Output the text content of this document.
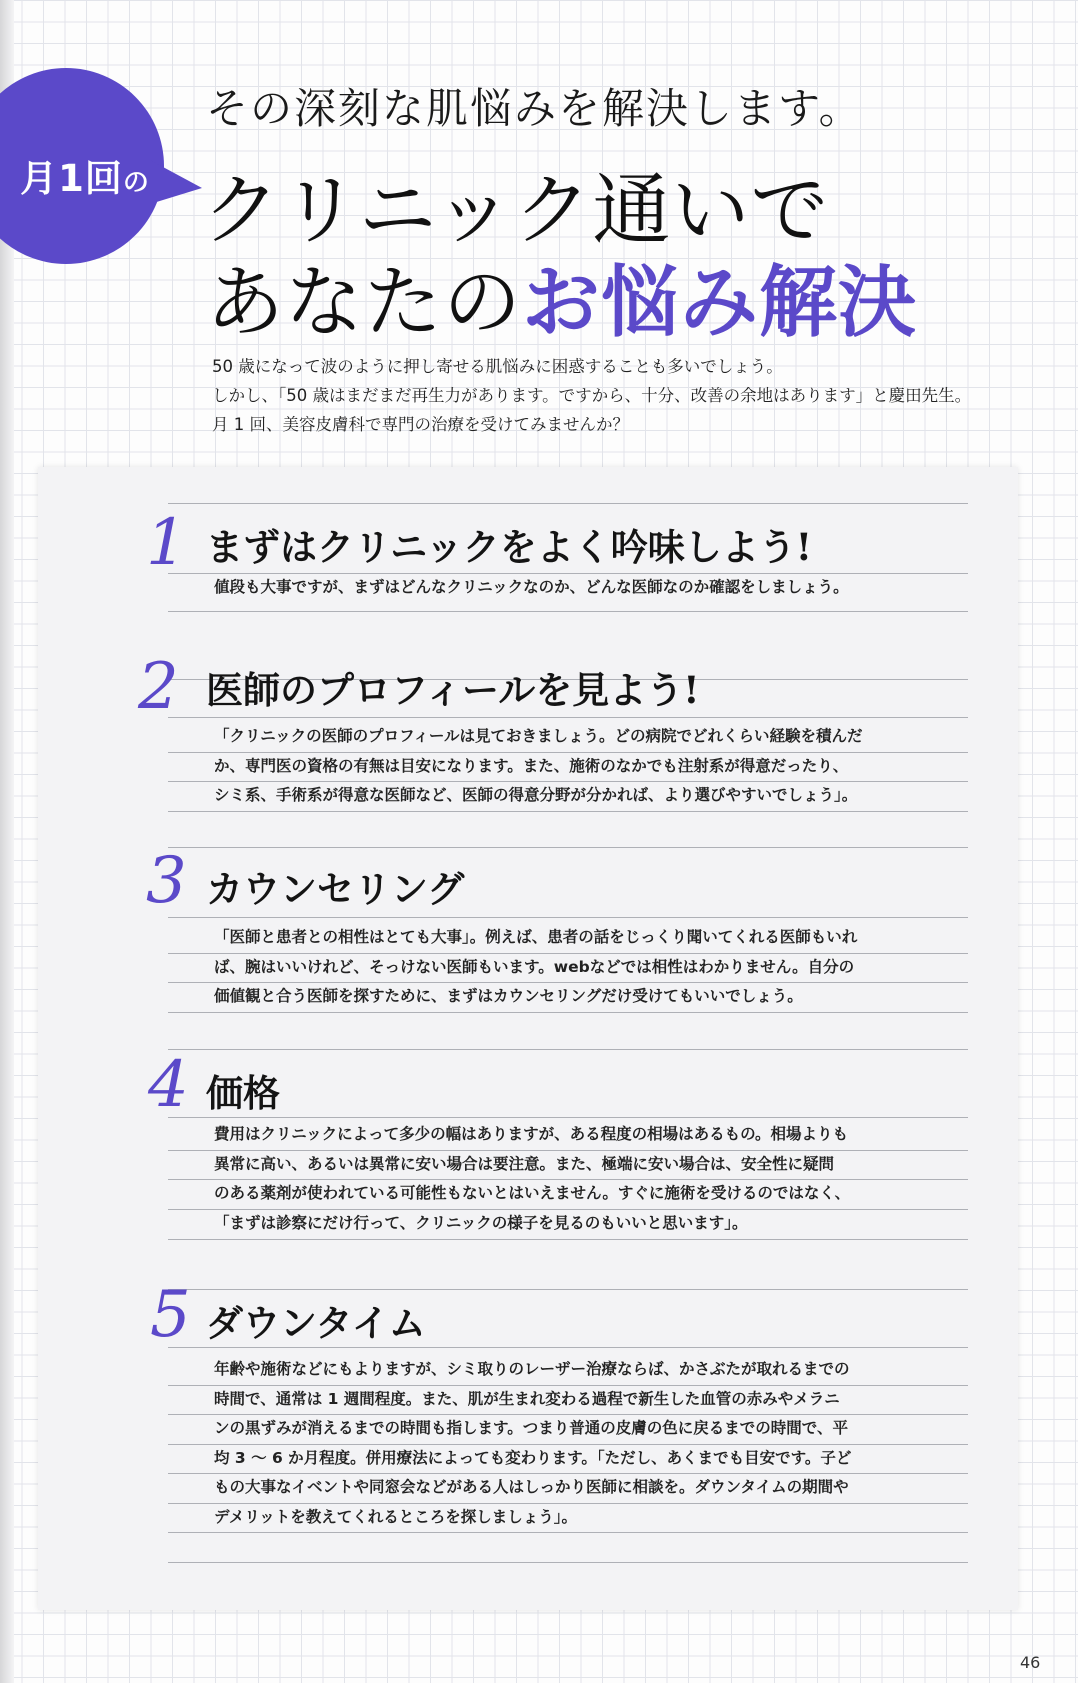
月1回の
その深刻な肌悩みを解決します。
クリニック通いで
あなたのお悩み解決

50 歳になって波のように押し寄せる肌悩みに困惑することも多いでしょう。

しかし、「50 歳はまだまだ再生力があります。ですから、十分、改善の余地はあります」と慶田先生。

月 1 回、美容皮膚科で専門の治療を受けてみませんか？

1 まずはクリニックをよく吟味しよう!

値段も大事ですが、まずはどんなクリニックなのか、どんな医師なのか確認をしましょう。

2 医師のプロフィールを見よう!

「クリニックの医師のプロフィールは見ておきましょう。どの病院でどれくらい経験を積んだ

か、専門医の資格の有無は目安になります。また、施術のなかでも注射系が得意だったり、

シミ系、手術系が得意な医師など、医師の得意分野が分かれば、より選びやすいでしょう」。

3 カウンセリング

「医師と患者との相性はとても大事」。例えば、患者の話をじっくり聞いてくれる医師もいれ

ば、腕はいいけれど、そっけない医師もいます。webなどでは相性はわかりません。自分の

価値観と合う医師を探すために、まずはカウンセリングだけ受けてもいいでしょう。

4 価格

費用はクリニックによって多少の幅はありますが、ある程度の相場はあるもの。相場よりも

異常に高い、あるいは異常に安い場合は要注意。また、極端に安い場合は、安全性に疑問

のある薬剤が使われている可能性もないとはいえません。すぐに施術を受けるのではなく、

「まずは診察にだけ行って、クリニックの様子を見るのもいいと思います」。

5 ダウンタイム

年齢や施術などにもよりますが、シミ取りのレーザー治療ならば、かさぶたが取れるまでの

時間で、通常は 1 週間程度。また、肌が生まれ変わる過程で新生した血管の赤みやメラニ

ンの黒ずみが消えるまでの時間も指します。つまり普通の皮膚の色に戻るまでの時間で、平

均 3 ～ 6 か月程度。併用療法によっても変わります。「ただし、あくまでも目安です。子ど

もの大事なイベントや同窓会などがある人はしっかり医師に相談を。ダウンタイムの期間や

デメリットを教えてくれるところを探しましょう」。

46
